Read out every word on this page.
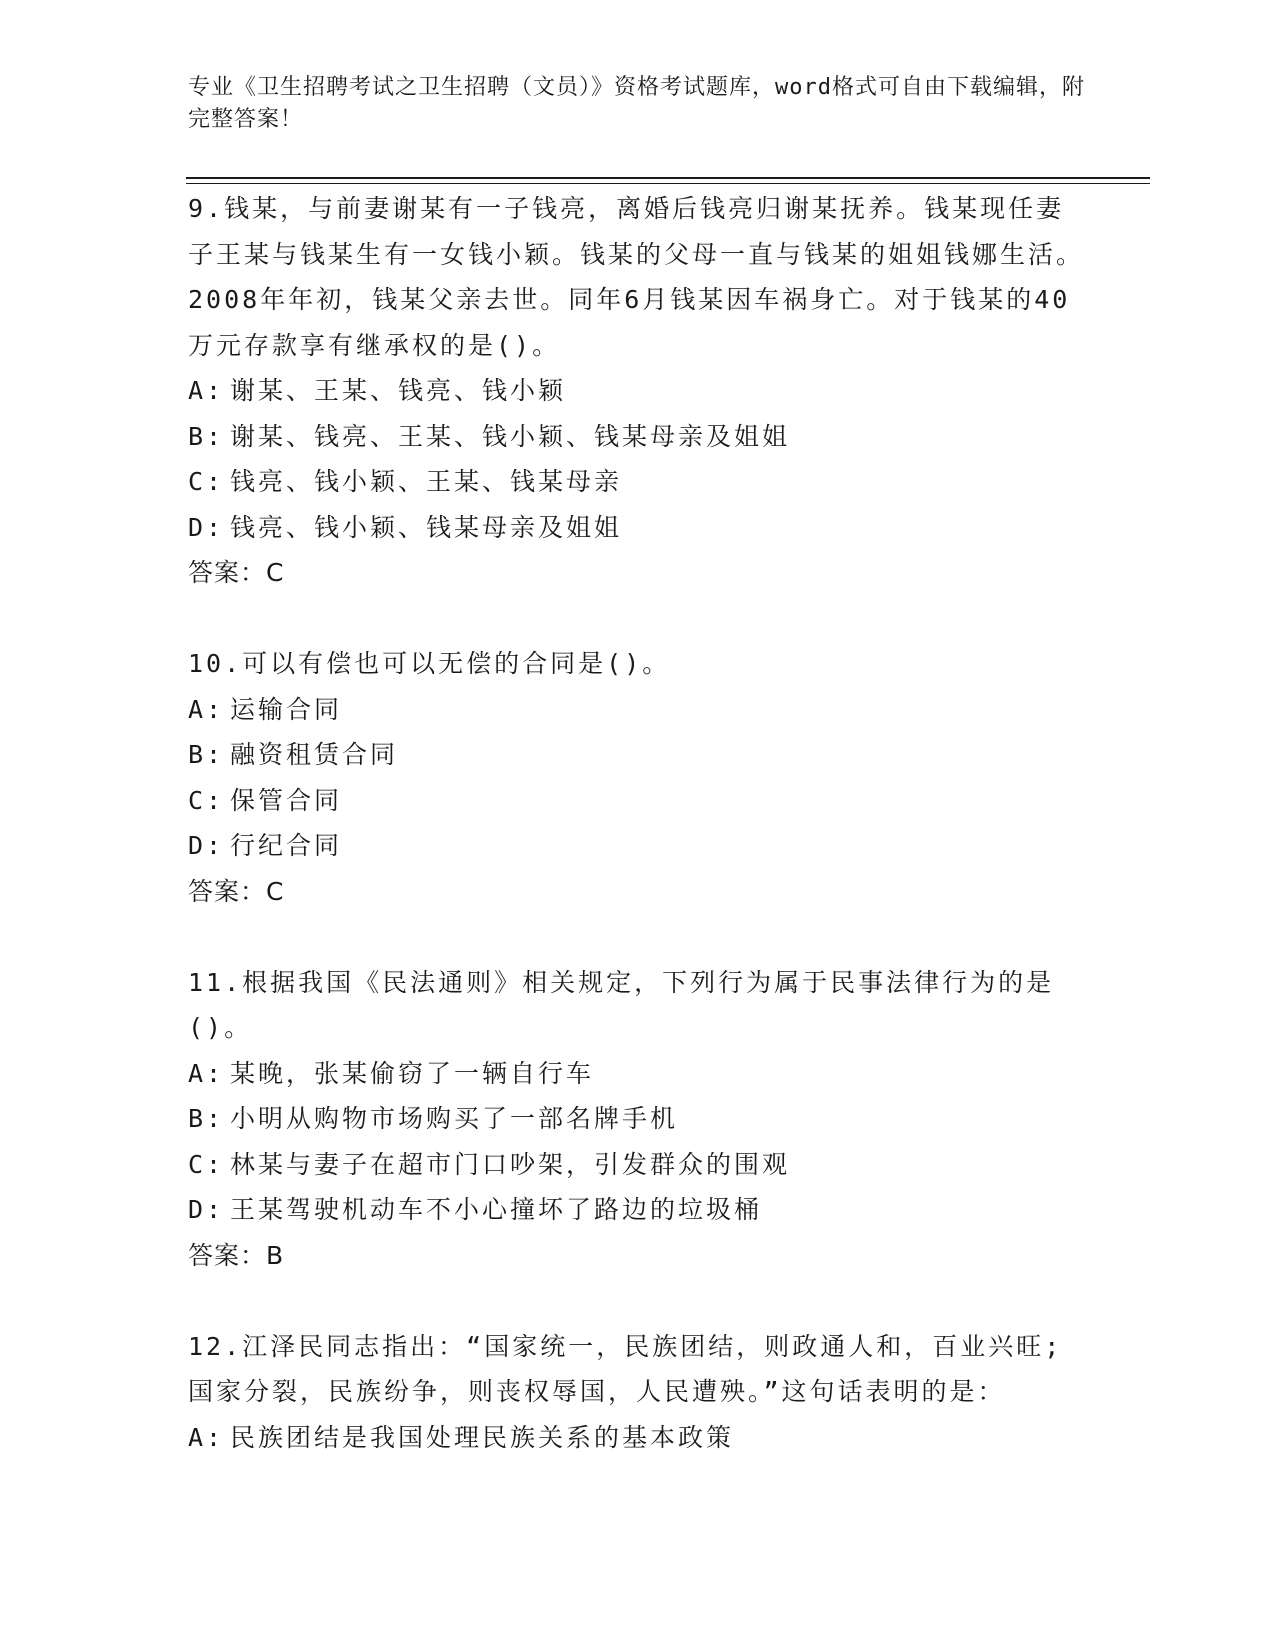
专业《卫生招聘考试之卫生招聘（文员）》资格考试题库，word格式可自由下载编辑，附完整答案！
9.钱某，与前妻谢某有一子钱亮，离婚后钱亮归谢某抚养。钱某现任妻子王某与钱某生有一女钱小颖。钱某的父母一直与钱某的姐姐钱娜生活。2008年年初，钱某父亲去世。同年6月钱某因车祸身亡。对于钱某的40万元存款享有继承权的是()。
A: 谢某、王某、钱亮、钱小颖
B: 谢某、钱亮、王某、钱小颖、钱某母亲及姐姐
C: 钱亮、钱小颖、王某、钱某母亲
D: 钱亮、钱小颖、钱某母亲及姐姐
答案：C
10.可以有偿也可以无偿的合同是()。
A: 运输合同
B: 融资租赁合同
C: 保管合同
D: 行纪合同
答案：C
11.根据我国《民法通则》相关规定，下列行为属于民事法律行为的是()。
A: 某晚，张某偷窃了一辆自行车
B: 小明从购物市场购买了一部名牌手机
C: 林某与妻子在超市门口吵架，引发群众的围观
D: 王某驾驶机动车不小心撞坏了路边的垃圾桶
答案：B
12.江泽民同志指出：“国家统一，民族团结，则政通人和，百业兴旺;国家分裂，民族纷争，则丧权辱国，人民遭殃。”这句话表明的是：
A: 民族团结是我国处理民族关系的基本政策
